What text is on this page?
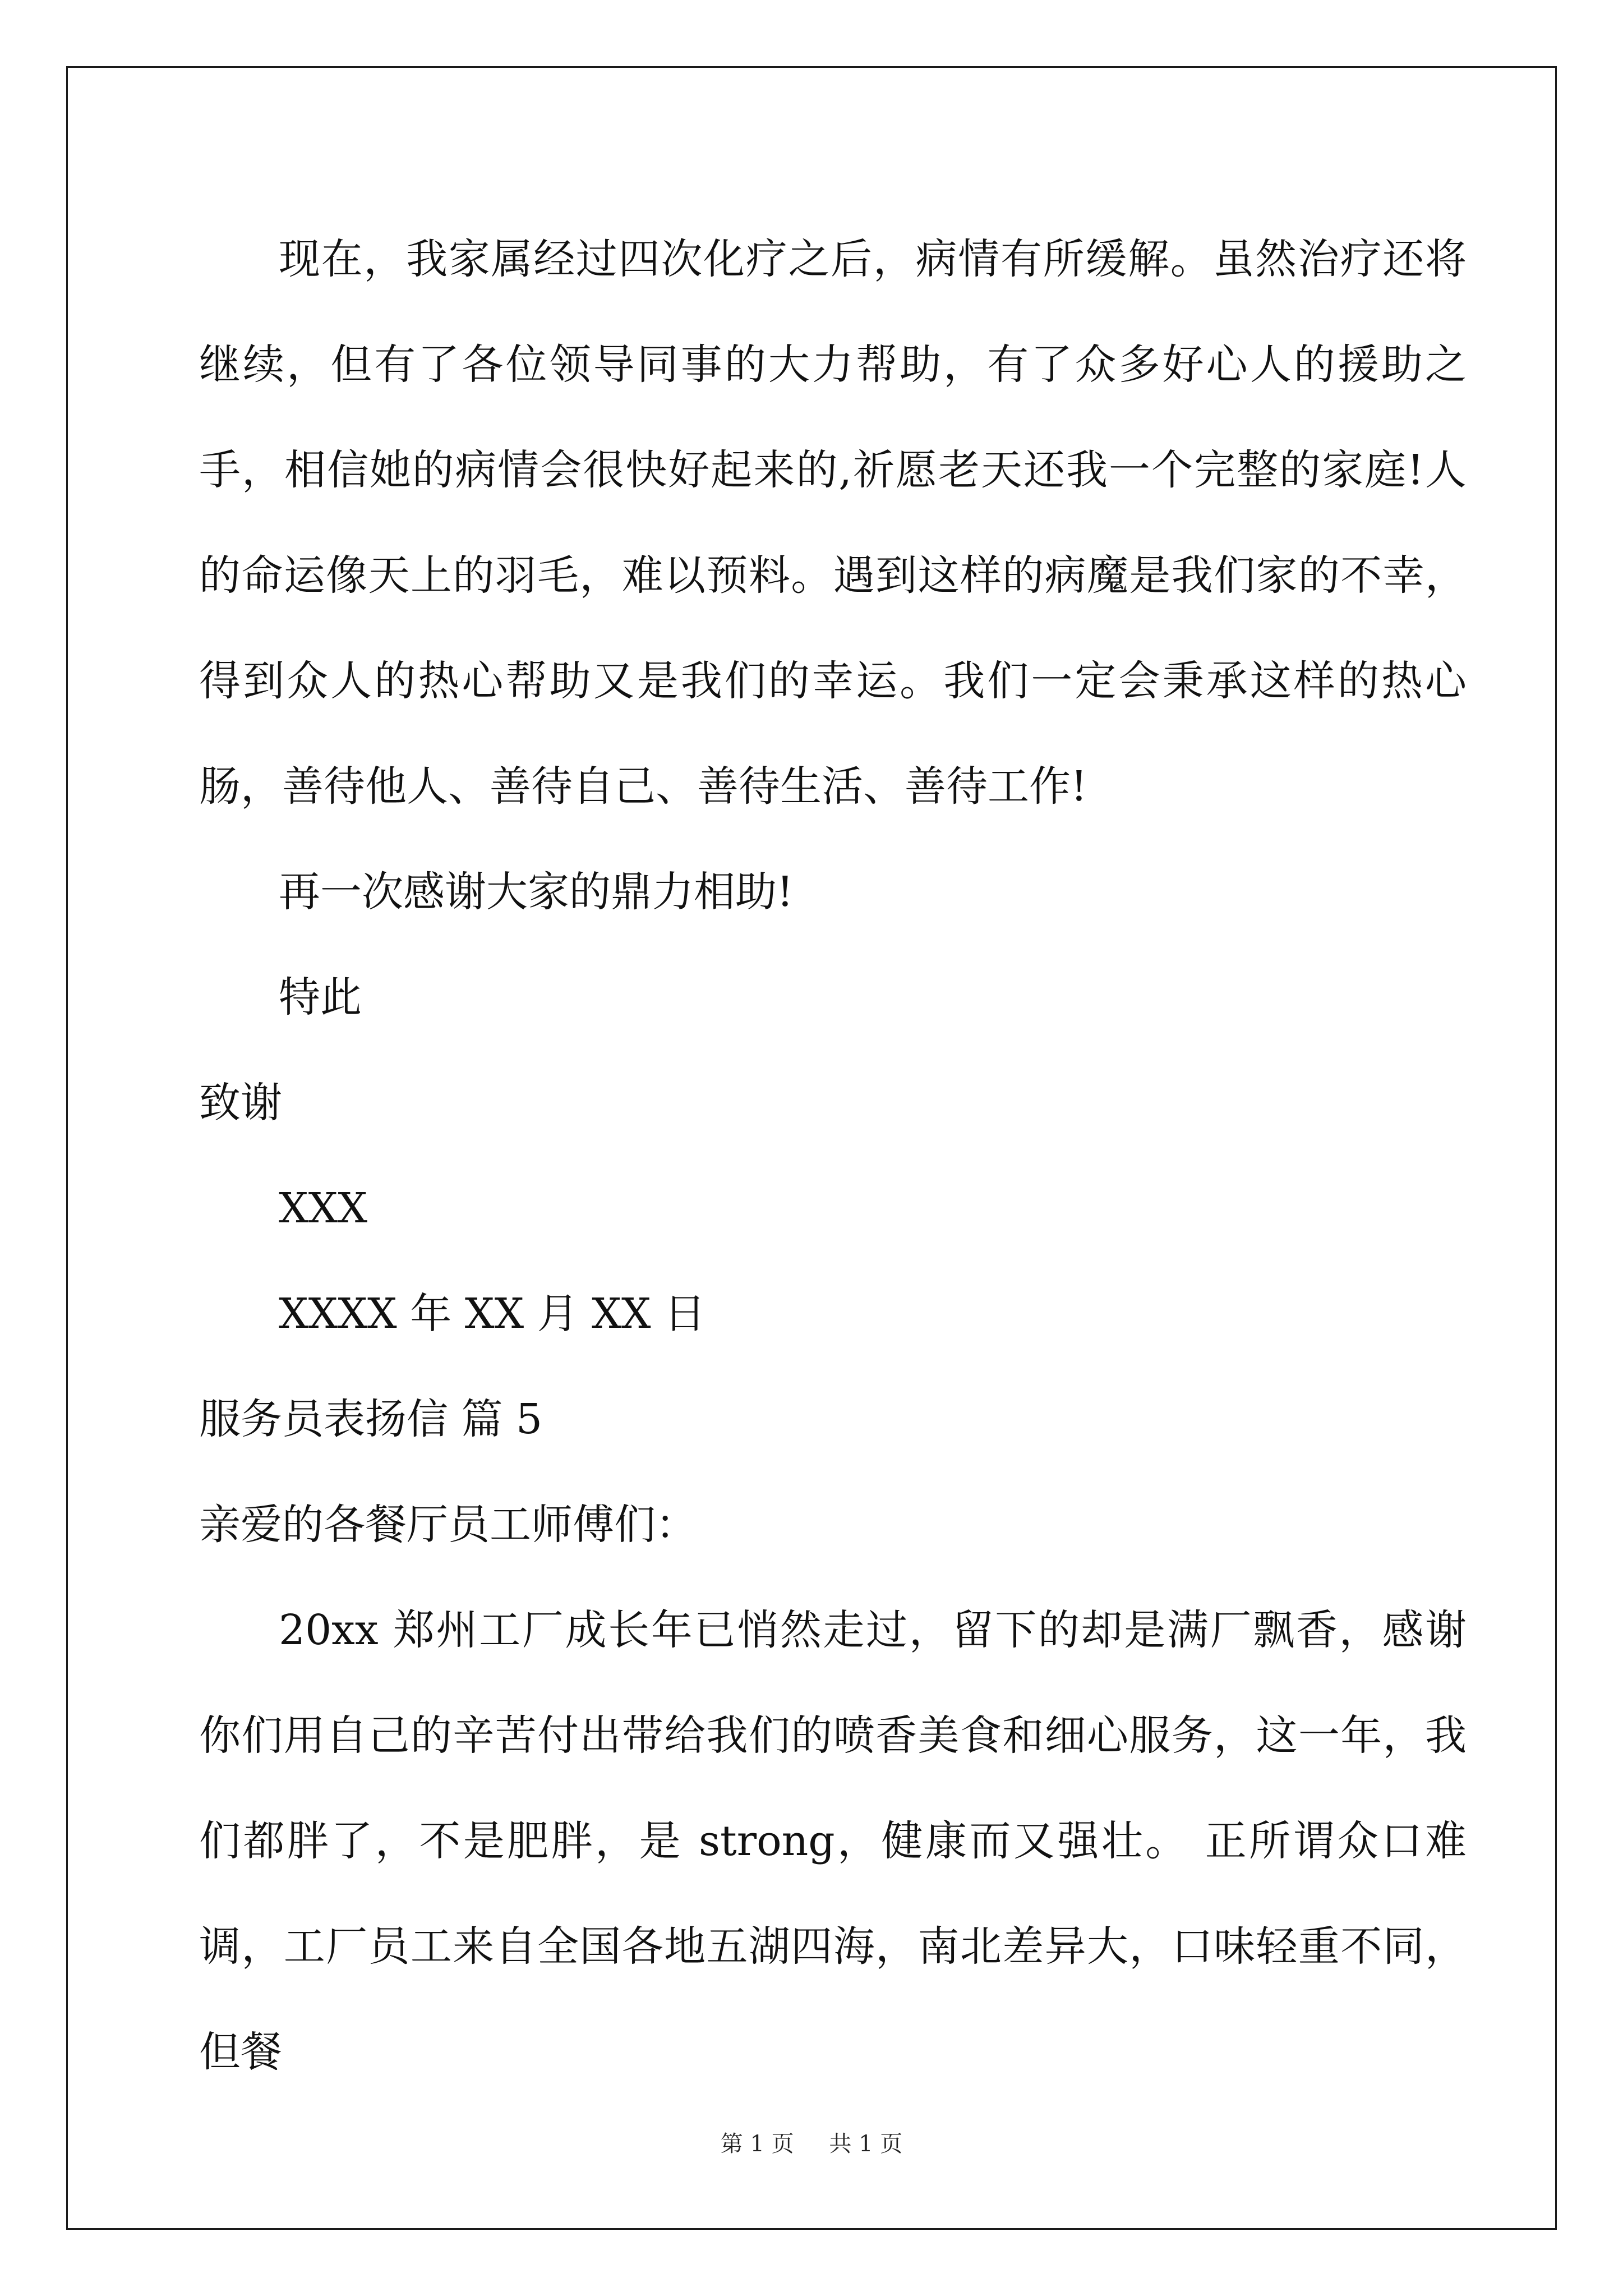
现在，我家属经过四次化疗之后，病情有所缓解。虽然治疗还将继续，但有了各位领导同事的大力帮助，有了众多好心人的援助之手，相信她的病情会很快好起来的,祈愿老天还我一个完整的家庭!人的命运像天上的羽毛，难以预料。遇到这样的病魔是我们家的不幸，得到众人的热心帮助又是我们的幸运。我们一定会秉承这样的热心肠，善待他人、善待自己、善待生活、善待工作!

再一次感谢大家的鼎力相助!

特此

致谢

XXX

XXXX 年 XX 月 XX 日

服务员表扬信 篇 5

亲爱的各餐厅员工师傅们：

20xx 郑州工厂成长年已悄然走过，留下的却是满厂飘香，感谢你们用自己的辛苦付出带给我们的喷香美食和细心服务，这一年，我们都胖了，不是肥胖，是 strong，健康而又强壮。 正所谓众口难调，工厂员工来自全国各地五湖四海，南北差异大，口味轻重不同，但餐

第 1 页 共 1 页
